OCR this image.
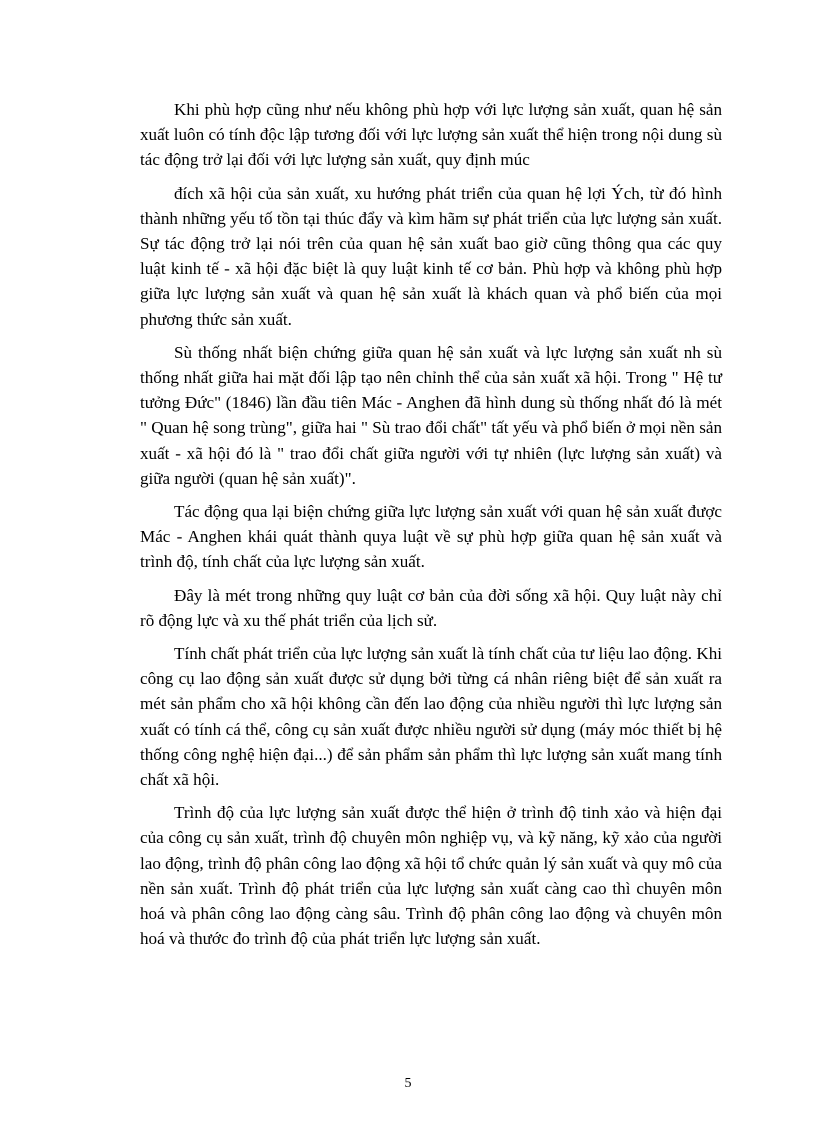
Khi phù hợp cũng như nếu không phù hợp với lực lượng sản xuất, quan hệ sản xuất luôn có tính độc lập tương đối với lực lượng sản xuất thể hiện trong nội dung sù tác động trở lại đối với lực lượng sản xuất, quy định múc

đích xã hội của sản xuất, xu hướng phát triển của quan hệ lợi Ých, từ đó hình thành những yếu tố tồn tại thúc đẩy và kìm hãm sự phát triển của lực lượng sản xuất. Sự tác động trở lại nói trên của quan hệ sản xuất bao giờ cũng thông qua các quy luật kinh tế - xã hội đặc biệt là quy luật kinh tế cơ bản. Phù hợp và không phù hợp giữa lực lượng sản xuất và quan hệ sản xuất là khách quan và phổ biến của mọi phương thức sản xuất.

Sù thống nhất biện chứng giữa quan hệ sản xuất và lực lượng sản xuất nh sù thống nhất giữa hai mặt đối lập tạo nên chỉnh thể của sản xuất xã hội. Trong " Hệ tư tưởng Đức" (1846) lần đầu tiên Mác - Anghen đã hình dung sù thống nhất đó là mét " Quan hệ song trùng", giữa hai " Sù trao đổi chất" tất yếu và phổ biến ở mọi nền sản xuất - xã hội đó là " trao đổi chất giữa người với tự nhiên (lực lượng sản xuất) và giữa người (quan hệ sản xuất)".

Tác động qua lại biện chứng giữa lực lượng sản xuất với quan hệ sản xuất được Mác - Anghen khái quát thành quya luật về sự phù hợp giữa quan hệ sản xuất và trình độ, tính chất của lực lượng sản xuất.

Đây là mét trong những quy luật cơ bản của đời sống xã hội. Quy luật này chỉ rõ động lực và xu thế phát triển của lịch sử.

Tính chất phát triển của lực lượng sản xuất là tính chất của tư liệu lao động. Khi công cụ lao động sản xuất được sử dụng bởi từng cá nhân riêng biệt để sản xuất ra mét sản phẩm cho xã hội không cần đến lao động của nhiều người thì lực lượng sản xuất có tính cá thể, công cụ sản xuất được nhiều người sử dụng (máy móc thiết bị hệ thống công nghệ hiện đại...) để sản phẩm sản phẩm thì lực lượng sản xuất mang tính chất xã hội.

Trình độ của lực lượng sản xuất được thể hiện ở trình độ tinh xảo và hiện đại của công cụ sản xuất, trình độ chuyên môn nghiệp vụ, và kỹ năng, kỹ xảo của người lao động, trình độ phân công lao động xã hội tổ chức quản lý sản xuất và quy mô của nền sản xuất. Trình độ phát triển của lực lượng sản xuất càng cao thì chuyên môn hoá và phân công lao động càng sâu. Trình độ phân công lao động và chuyên môn hoá và thước đo trình độ của phát triển lực lượng sản xuất.

5
